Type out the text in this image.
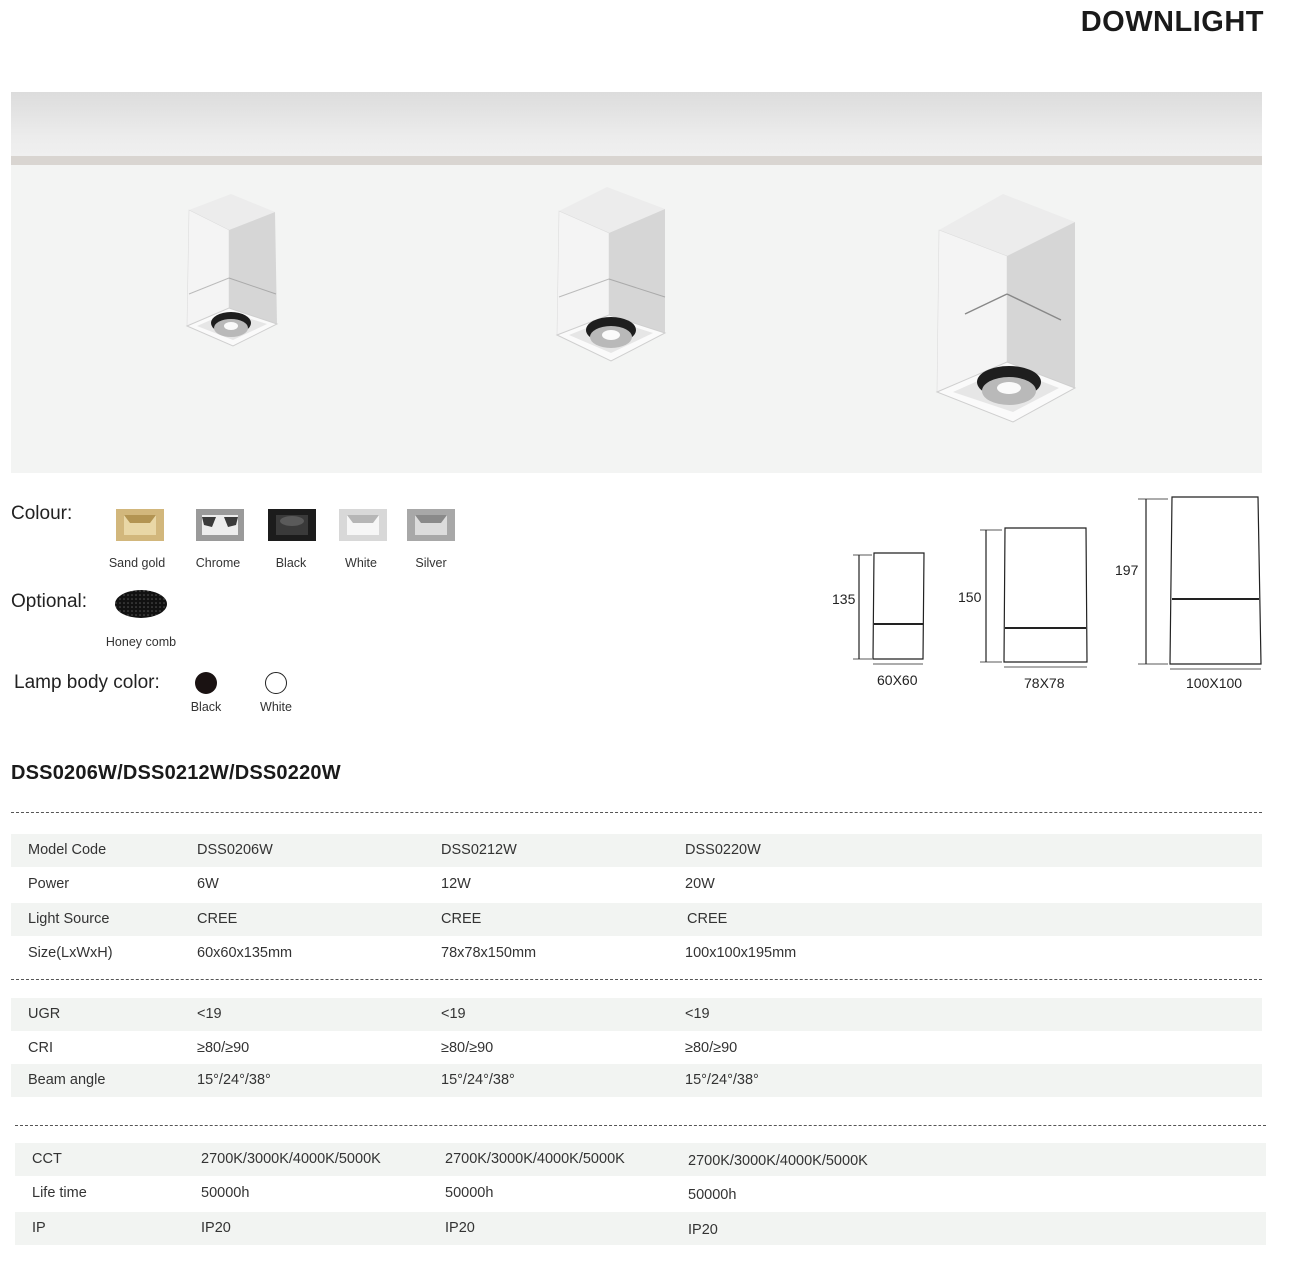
DOWNLIGHT
Colour:
Sand gold	Chrome	Black	White	Silver
Optional:
Honey comb
Lamp body color:
Black	White
135
60X60
150
78X78
197
100X100
DSS0206W/DSS0212W/DSS0220W
Model Code	DSS0206W	DSS0212W	DSS0220W
Power	6W	12W	20W
Light Source	CREE	CREE	CREE
Size(LxWxH)	60x60x135mm	78x78x150mm	100x100x195mm
UGR	<19	<19	<19
CRI	≥80/≥90	≥80/≥90	≥80/≥90
Beam angle	15°/24°/38°	15°/24°/38°	15°/24°/38°
CCT	2700K/3000K/4000K/5000K	2700K/3000K/4000K/5000K	2700K/3000K/4000K/5000K
Life time	50000h	50000h	50000h
IP	IP20	IP20	IP20
